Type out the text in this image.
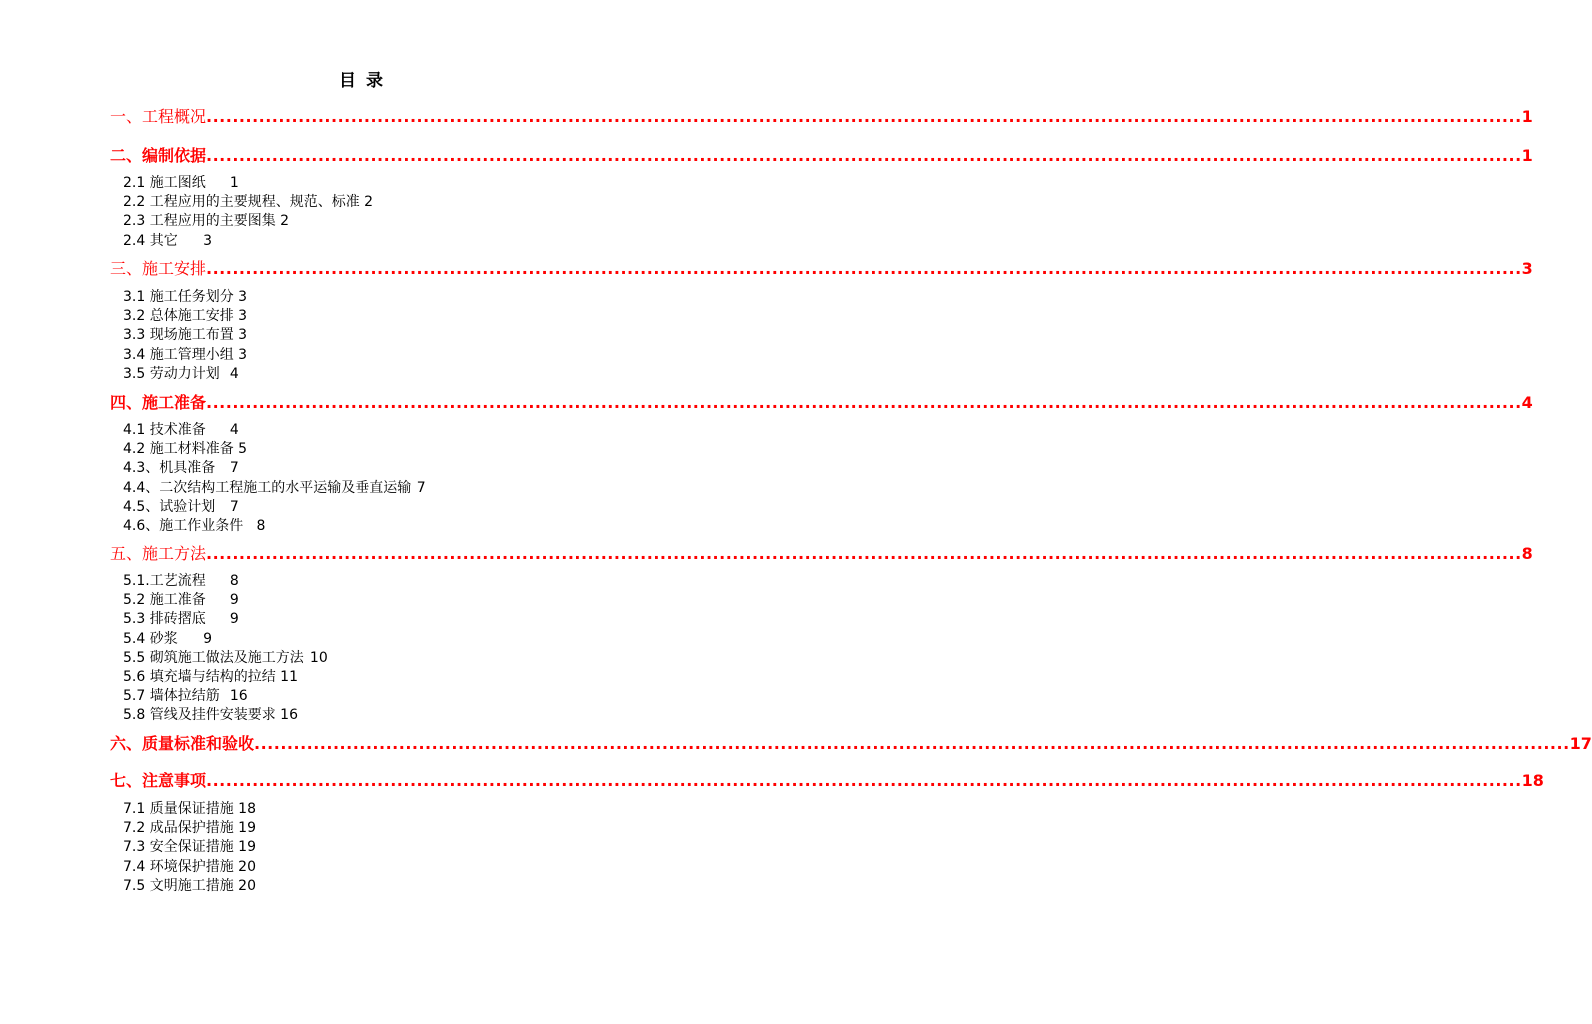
目 录
一、工程概况 ........................................................................................................................................................................................................ 1
二、编制依据 ........................................................................................................................................................................................................ 1
2.1 施工图纸	1
2.2 工程应用的主要规程、规范、标准 2
2.3 工程应用的主要图集 2
2.4 其它	3
三、施工安排 ........................................................................................................................................................................................................ 3
3.1 施工任务划分 3
3.2 总体施工安排 3
3.3 现场施工布置 3
3.4 施工管理小组 3
3.5 劳动力计划	4
四、施工准备 ........................................................................................................................................................................................................ 4
4.1 技术准备	4
4.2 施工材料准备 5
4.3、机具准备	7
4.4、二次结构工程施工的水平运输及垂直运输	7
4.5、试验计划	7
4.6、施工作业条件	8
五、施工方法 ........................................................................................................................................................................................................ 8
5.1.工艺流程	8
5.2 施工准备	9
5.3 排砖摺底	9
5.4 砂浆	9
5.5 砌筑施工做法及施工方法	10
5.6 填充墙与结构的拉结 11
5.7 墙体拉结筋	16
5.8 管线及挂件安装要求 16
六、质量标准和验收 ........................................................................................................................................................................................................ 17
七、注意事项 ........................................................................................................................................................................................................ 18
7.1 质量保证措施 18
7.2 成品保护措施 19
7.3 安全保证措施 19
7.4 环境保护措施 20
7.5 文明施工措施 20
